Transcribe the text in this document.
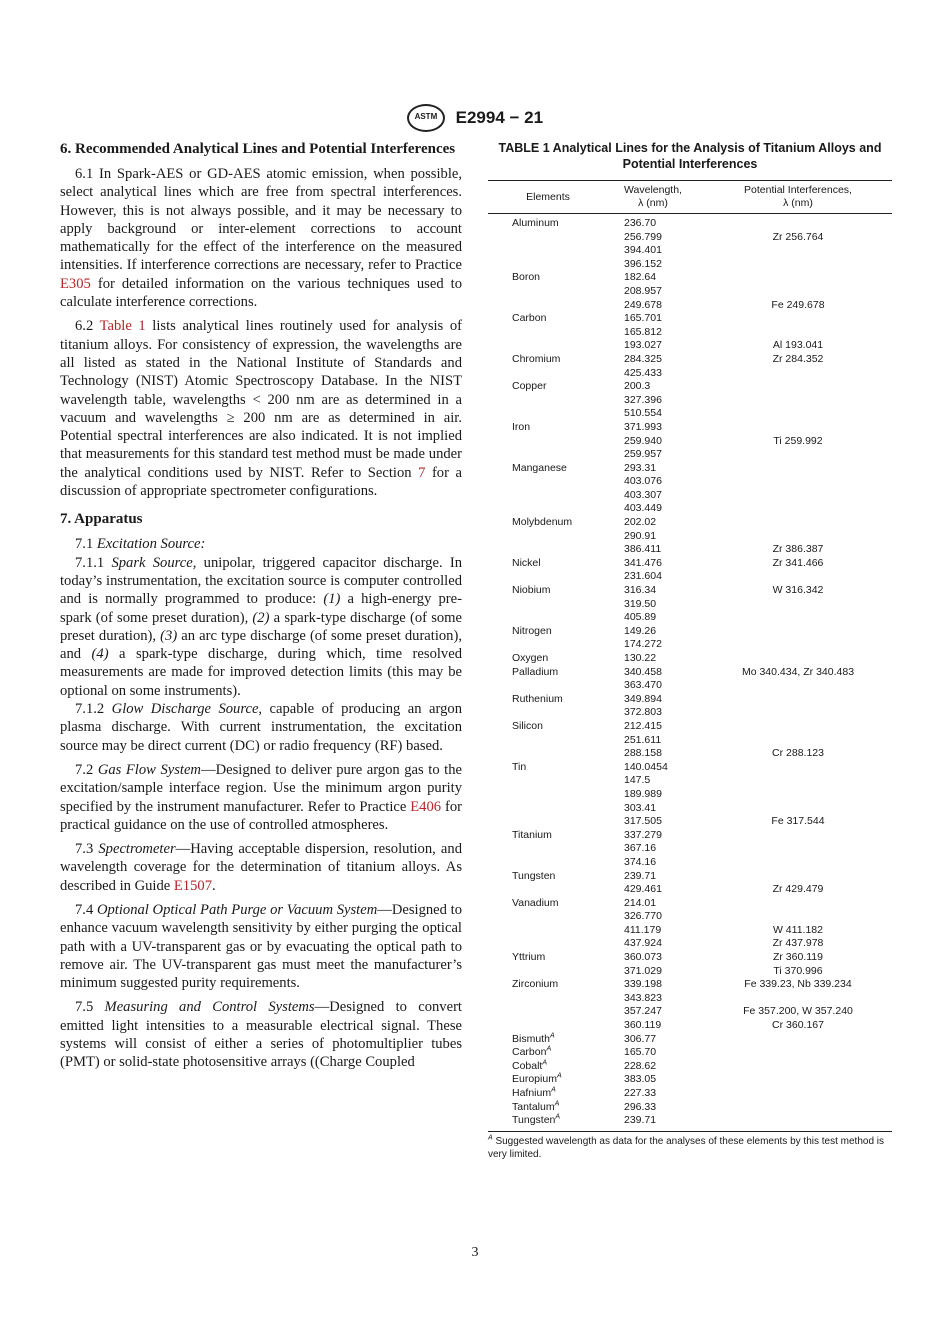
ASTM E2994 − 21
6. Recommended Analytical Lines and Potential Interferences

6.1 In Spark-AES or GD-AES atomic emission, when possible, select analytical lines which are free from spectral interferences. However, this is not always possible, and it may be necessary to apply background or inter-element corrections to account mathematically for the effect of the interference on the measured intensities. If interference corrections are necessary, refer to Practice E305 for detailed information on the various techniques used to calculate interference corrections.

6.2 Table 1 lists analytical lines routinely used for analysis of titanium alloys. For consistency of expression, the wavelengths are all listed as stated in the National Institute of Standards and Technology (NIST) Atomic Spectroscopy Database. In the NIST wavelength table, wavelengths < 200 nm are as determined in a vacuum and wavelengths ≥ 200 nm are as determined in air. Potential spectral interferences are also indicated. It is not implied that measurements for this standard test method must be made under the analytical conditions used by NIST. Refer to Section 7 for a discussion of appropriate spectrometer configurations.

7. Apparatus

7.1 Excitation Source:

7.1.1 Spark Source, unipolar, triggered capacitor discharge. In today’s instrumentation, the excitation source is computer controlled and is normally programmed to produce: (1) a high-energy pre-spark (of some preset duration), (2) a spark-type discharge (of some preset duration), (3) an arc type discharge (of some preset duration), and (4) a spark-type discharge, during which, time resolved measurements are made for improved detection limits (this may be optional on some instruments).

7.1.2 Glow Discharge Source, capable of producing an argon plasma discharge. With current instrumentation, the excitation source may be direct current (DC) or radio frequency (RF) based.

7.2 Gas Flow System—Designed to deliver pure argon gas to the excitation/sample interface region. Use the minimum argon purity specified by the instrument manufacturer. Refer to Practice E406 for practical guidance on the use of controlled atmospheres.

7.3 Spectrometer—Having acceptable dispersion, resolution, and wavelength coverage for the determination of titanium alloys. As described in Guide E1507.

7.4 Optional Optical Path Purge or Vacuum System—Designed to enhance vacuum wavelength sensitivity by either purging the optical path with a UV-transparent gas or by evacuating the optical path to remove air. The UV-transparent gas must meet the manufacturer’s minimum suggested purity requirements.

7.5 Measuring and Control Systems—Designed to convert emitted light intensities to a measurable electrical signal. These systems will consist of either a series of photomultiplier tubes (PMT) or solid-state photosensitive arrays ((Charge Coupled

TABLE 1 Analytical Lines for the Analysis of Titanium Alloys and Potential Interferences
Elements
Wavelength,
λ (nm)
Potential Interferences,
λ (nm)
Aluminum	236.70
256.799	Zr 256.764
394.401
396.152
Boron	182.64
208.957
249.678	Fe 249.678
Carbon	165.701
165.812
193.027	Al 193.041
Chromium	284.325	Zr 284.352
425.433
Copper	200.3
327.396
510.554
Iron	371.993
259.940	Ti 259.992
259.957
Manganese	293.31
403.076
403.307
403.449
Molybdenum	202.02
290.91
386.411	Zr 386.387
Nickel	341.476	Zr 341.466
231.604
Niobium	316.34	W 316.342
319.50
405.89
Nitrogen	149.26
174.272
Oxygen	130.22
Palladium	340.458	Mo 340.434, Zr 340.483
363.470
Ruthenium	349.894
372.803
Silicon	212.415
251.611
288.158	Cr 288.123
Tin	140.0454
147.5
189.989
303.41
317.505	Fe 317.544
Titanium	337.279
367.16
374.16
Tungsten	239.71
429.461	Zr 429.479
Vanadium	214.01
326.770
411.179	W 411.182
437.924	Zr 437.978
Yttrium	360.073	Zr 360.119
371.029	Ti 370.996
Zirconium	339.198	Fe 339.23, Nb 339.234
343.823
357.247	Fe 357.200, W 357.240
360.119	Cr 360.167
Bismuth$^A$	306.77
Carbon$^A$	165.70
Cobalt$^A$	228.62
Europium$^A$	383.05
Hafnium$^A$	227.33
Tantalum$^A$	296.33
Tungsten$^A$	239.71
$^A$ Suggested wavelength as data for the analyses of these elements by this test method is very limited.
3
